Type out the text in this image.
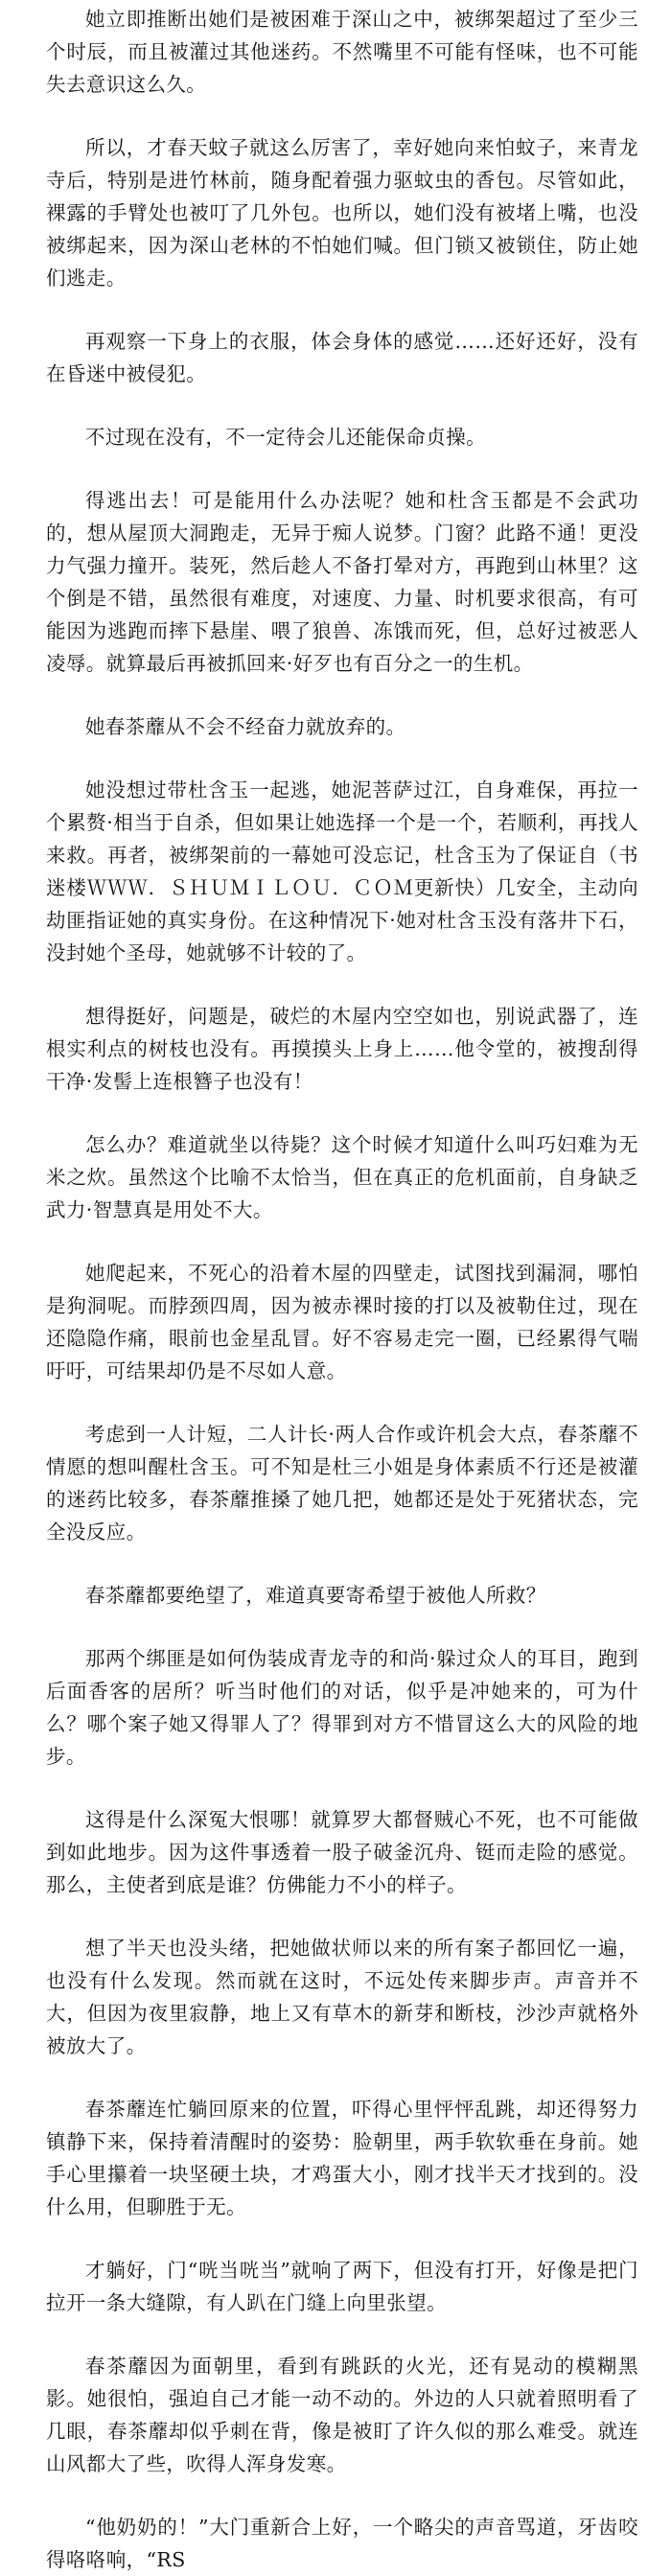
她立即推断出她们是被困难于深山之中，被绑架超过了至少三个时辰，而且被灌过其他迷药。不然嘴里不可能有怪味，也不可能失去意识这么久。

所以，才春天蚊子就这么厉害了，幸好她向来怕蚊子，来青龙寺后，特别是进竹林前，随身配着强力驱蚊虫的香包。尽管如此，裸露的手臂处也被叮了几外包。也所以，她们没有被堵上嘴，也没被绑起来，因为深山老林的不怕她们喊。但门锁又被锁住，防止她们逃走。

再观察一下身上的衣服，体会身体的感觉……还好还好，没有在昏迷中被侵犯。

不过现在没有，不一定待会儿还能保命贞操。

得逃出去！可是能用什么办法呢？她和杜含玉都是不会武功的，想从屋顶大洞跑走，无异于痴人说梦。门窗？此路不通！更没力气强力撞开。装死，然后趁人不备打晕对方，再跑到山林里？这个倒是不错，虽然很有难度，对速度、力量、时机要求很高，有可能因为逃跑而摔下悬崖、喂了狼兽、冻饿而死，但，总好过被恶人凌辱。就算最后再被抓回来·好歹也有百分之一的生机。

她春茶蘼从不会不经奋力就放弃的。

她没想过带杜含玉一起逃，她泥菩萨过江，自身难保，再拉一个累赘·相当于自杀，但如果让她选择一个是一个，若顺利，再找人来救。再者，被绑架前的一幕她可没忘记，杜含玉为了保证自（书迷楼ＷＷＷ．ＳＨＵＭＩＬＯＵ．ＣＯＭ更新快）几安全，主动向劫匪指证她的真实身份。在这种情况下·她对杜含玉没有落井下石，没封她个圣母，她就够不计较的了。

想得挺好，问题是，破烂的木屋内空空如也，别说武器了，连根实利点的树枝也没有。再摸摸头上身上……他令堂的，被搜刮得干净·发髻上连根簪子也没有！

怎么办？难道就坐以待毙？这个时候才知道什么叫巧妇难为无米之炊。虽然这个比喻不太恰当，但在真正的危机面前，自身缺乏武力·智慧真是用处不大。

她爬起来，不死心的沿着木屋的四壁走，试图找到漏洞，哪怕是狗洞呢。而脖颈四周，因为被赤裸时接的打以及被勒住过，现在还隐隐作痛，眼前也金星乱冒。好不容易走完一圈，已经累得气喘吁吁，可结果却仍是不尽如人意。

考虑到一人计短，二人计长·两人合作或许机会大点，春茶蘼不情愿的想叫醒杜含玉。可不知是杜三小姐是身体素质不行还是被灌的迷药比较多，春茶蘼推搡了她几把，她都还是处于死猪状态，完全没反应。

春茶蘼都要绝望了，难道真要寄希望于被他人所救？

那两个绑匪是如何伪装成青龙寺的和尚·躲过众人的耳目，跑到后面香客的居所？听当时他们的对话，似乎是冲她来的，可为什么？哪个案子她又得罪人了？得罪到对方不惜冒这么大的风险的地步。

这得是什么深冤大恨哪！就算罗大都督贼心不死，也不可能做到如此地步。因为这件事透着一股子破釜沉舟、铤而走险的感觉。那么，主使者到底是谁？仿佛能力不小的样子。

想了半天也没头绪，把她做状师以来的所有案子都回忆一遍，也没有什么发现。然而就在这时，不远处传来脚步声。声音并不大，但因为夜里寂静，地上又有草木的新芽和断枝，沙沙声就格外被放大了。

春茶蘼连忙躺回原来的位置，吓得心里怦怦乱跳，却还得努力镇静下来，保持着清醒时的姿势：脸朝里，两手软软垂在身前。她手心里攥着一块坚硬土块，才鸡蛋大小，刚才找半天才找到的。没什么用，但聊胜于无。

才躺好，门“咣当咣当”就响了两下，但没有打开，好像是把门拉开一条大缝隙，有人趴在门缝上向里张望。

春茶蘼因为面朝里，看到有跳跃的火光，还有晃动的模糊黑影。她很怕，强迫自己才能一动不动的。外边的人只就着照明看了几眼，春茶蘼却似乎刺在背，像是被盯了许久似的那么难受。就连山风都大了些，吹得人浑身发寒。

“他奶奶的！”大门重新合上好，一个略尖的声音骂道，牙齿咬得咯咯响，“RS
